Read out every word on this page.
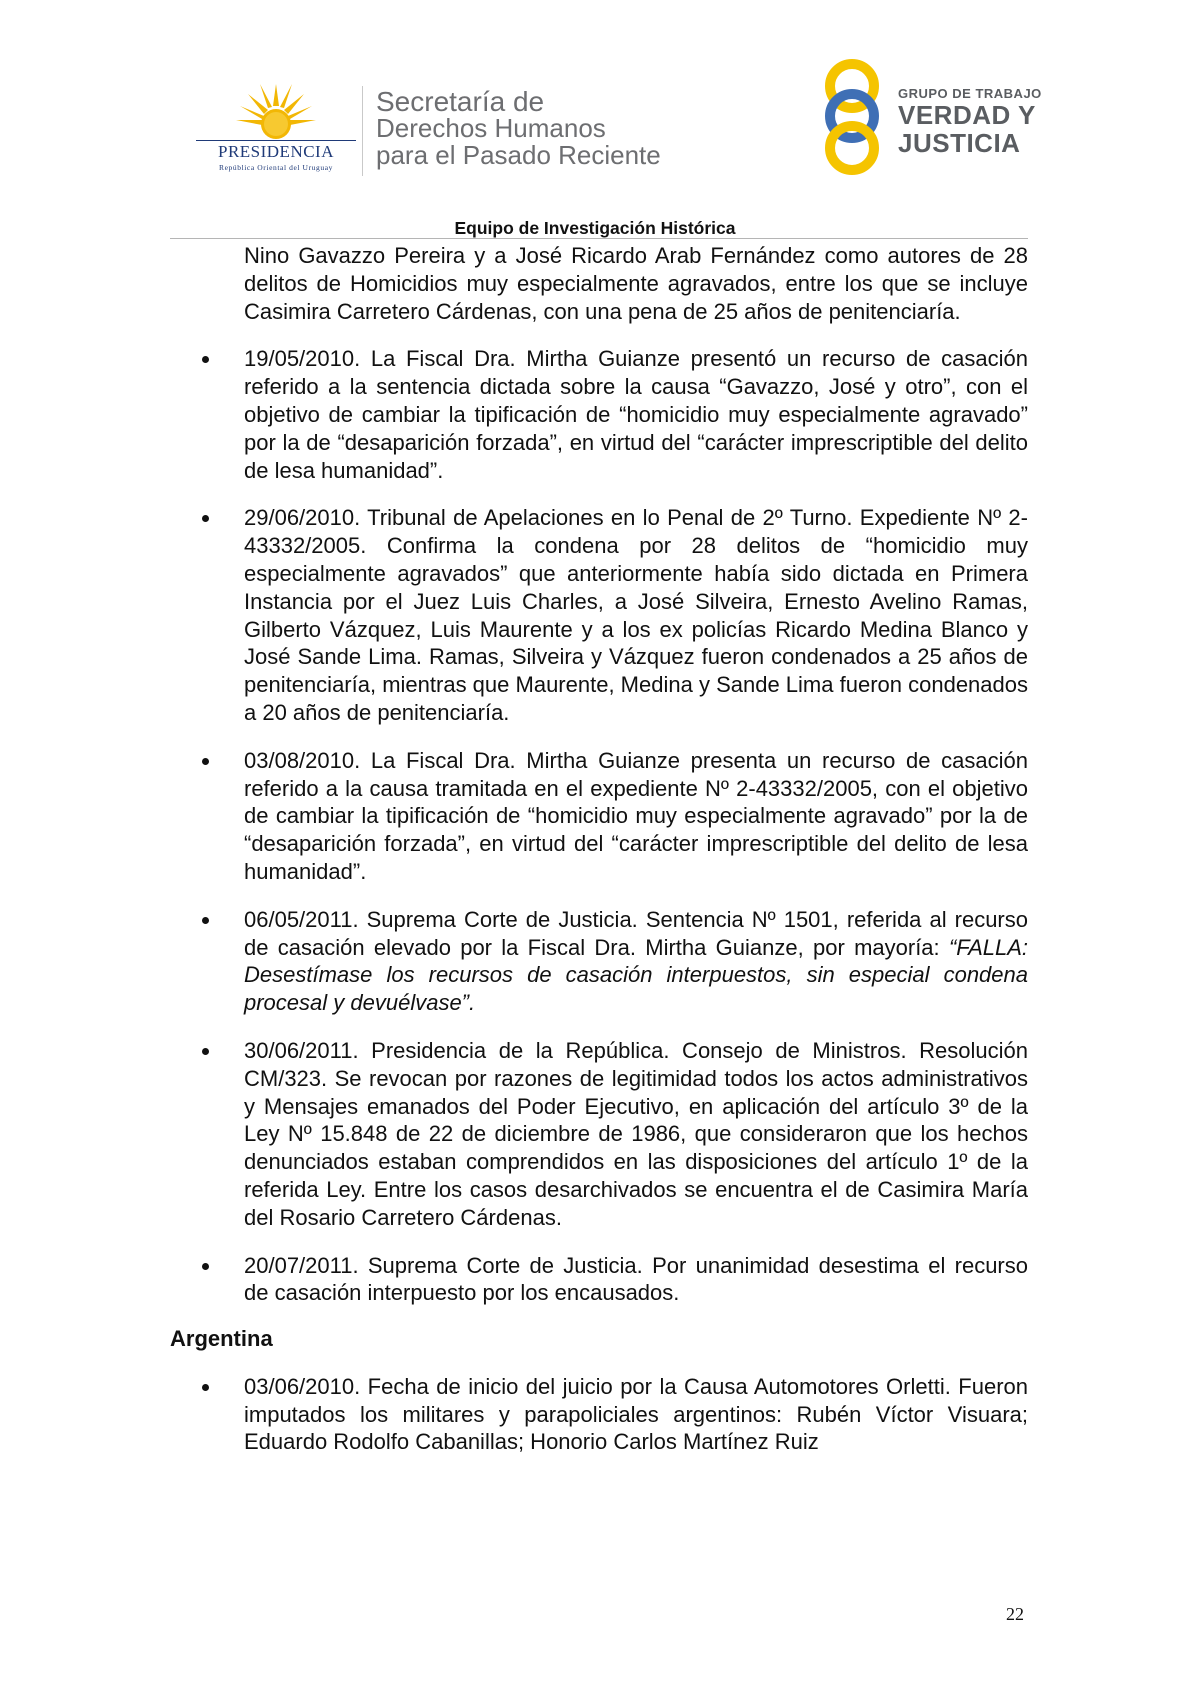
PRESIDENCIA
República Oriental del Uruguay
Secretaría de
Derechos Humanos
para el Pasado Reciente
GRUPO DE TRABAJO
VERDAD Y
JUSTICIA
Equipo de Investigación Histórica

Nino Gavazzo Pereira y a José Ricardo Arab Fernández como autores de 28 delitos de Homicidios muy especialmente agravados, entre los que se incluye Casimira Carretero Cárdenas, con una pena de 25 años de penitenciaría.

19/05/2010. La Fiscal Dra. Mirtha Guianze presentó un recurso de casación referido a la sentencia dictada sobre la causa “Gavazzo, José y otro”, con el objetivo de cambiar la tipificación de “homicidio muy especialmente agravado” por la de “desaparición forzada”, en virtud del “carácter imprescriptible del delito de lesa humanidad”.
29/06/2010. Tribunal de Apelaciones en lo Penal de 2º Turno. Expediente Nº 2-43332/2005. Confirma la condena por 28 delitos de “homicidio muy especialmente agravados” que anteriormente había sido dictada en Primera Instancia por el Juez Luis Charles, a José Silveira, Ernesto Avelino Ramas, Gilberto Vázquez, Luis Maurente y a los ex policías Ricardo Medina Blanco y José Sande Lima. Ramas, Silveira y Vázquez fueron condenados a 25 años de penitenciaría, mientras que Maurente, Medina y Sande Lima fueron condenados a 20 años de penitenciaría.
03/08/2010. La Fiscal Dra. Mirtha Guianze presenta un recurso de casación referido a la causa tramitada en el expediente Nº 2-43332/2005, con el objetivo de cambiar la tipificación de “homicidio muy especialmente agravado” por la de “desaparición forzada”, en virtud del “carácter imprescriptible del delito de lesa humanidad”.
06/05/2011. Suprema Corte de Justicia. Sentencia Nº 1501, referida al recurso de casación elevado por la Fiscal Dra. Mirtha Guianze, por mayoría: “FALLA: Desestímase los recursos de casación interpuestos, sin especial condena procesal y devuélvase”.
30/06/2011. Presidencia de la República. Consejo de Ministros. Resolución CM/323. Se revocan por razones de legitimidad todos los actos administrativos y Mensajes emanados del Poder Ejecutivo, en aplicación del artículo 3º de la Ley Nº 15.848 de 22 de diciembre de 1986, que consideraron que los hechos denunciados estaban comprendidos en las disposiciones del artículo 1º de la referida Ley. Entre los casos desarchivados se encuentra el de Casimira María del Rosario Carretero Cárdenas.
20/07/2011. Suprema Corte de Justicia. Por unanimidad desestima el recurso de casación interpuesto por los encausados.
Argentina
03/06/2010. Fecha de inicio del juicio por la Causa Automotores Orletti. Fueron imputados los militares y parapoliciales argentinos: Rubén Víctor Visuara; Eduardo Rodolfo Cabanillas; Honorio Carlos Martínez Ruiz
22
